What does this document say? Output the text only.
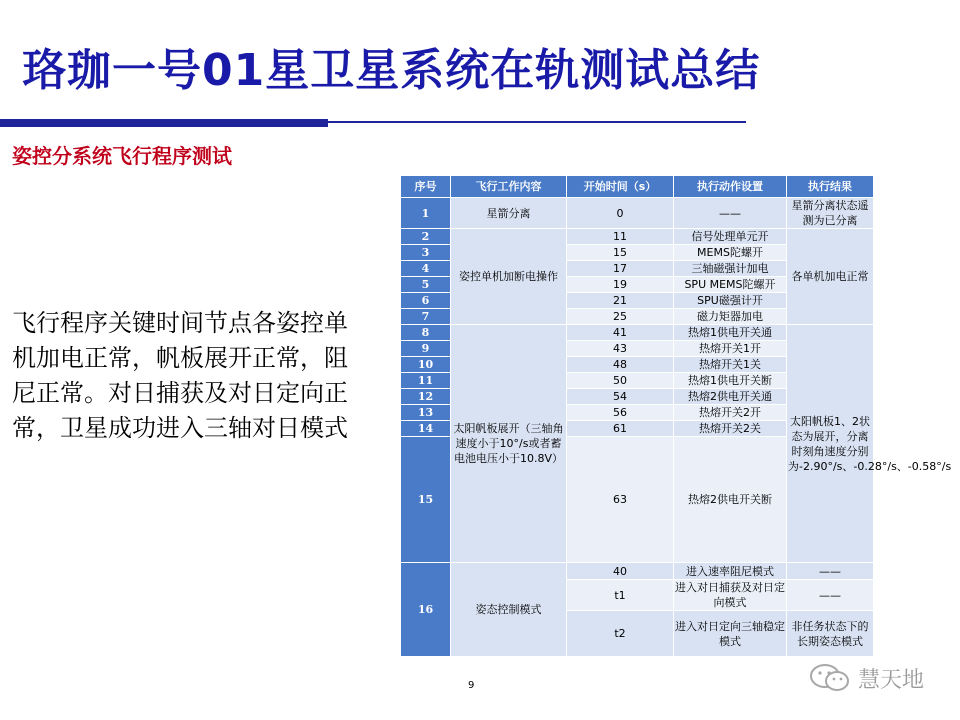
珞珈一号01星卫星系统在轨测试总结
姿控分系统飞行程序测试
飞行程序关键时间节点各姿控单机加电正常，帆板展开正常，阻尼正常。对日捕获及对日定向正常，卫星成功进入三轴对日模式
序号	飞行工作内容	开始时间（s）	执行动作设置	执行结果
1	星箭分离	0	——	星箭分离状态遥测为已分离
2	姿控单机加断电操作	11	信号处理单元开	各单机加电正常
3		15	MEMS陀螺开	
4		17	三轴磁强计加电	
5		19	SPU MEMS陀螺开	
6		21	SPU磁强计开	
7		25	磁力矩器加电	
8	太阳帆板展开（三轴角速度小于10°/s或者蓄电池电压小于10.8V）	41	热熔1供电开关通	太阳帆板1、2状态为展开，分离时刻角速度分别为-2.90°/s、-0.28°/s、-0.58°/s
9		43	热熔开关1开	
10		48	热熔开关1关	
11		50	热熔1供电开关断	
12		54	热熔2供电开关通	
13		56	热熔开关2开	
14		61	热熔开关2关	
15		63	热熔2供电开关断	
16	姿态控制模式	40	进入速率阻尼模式	——
		t1	进入对日捕获及对日定向模式	——
		t2	进入对日定向三轴稳定模式	非任务状态下的长期姿态模式
9	慧天地
